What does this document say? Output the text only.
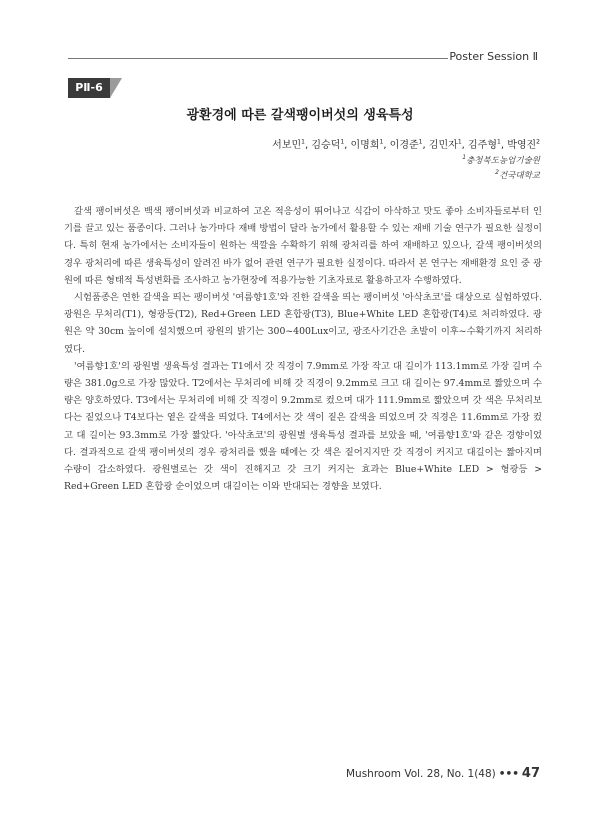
Poster Session Ⅱ
PⅡ-6
광환경에 따른 갈색팽이버섯의 생육특성
서보민$^1$, 김승덕$^1$, 이명희$^1$, 이경준$^1$, 김민자$^1$, 김주형$^1$, 박영진$^2$
$^1$충청북도농업기술원
$^2$건국대학교

갈색 팽이버섯은 백색 팽이버섯과 비교하여 고온 적응성이 뛰어나고 식감이 아삭하고 맛도 좋아 소비자들로부터 인기를 끌고 있는 품종이다. 그러나 농가마다 재배 방법이 달라 농가에서 활용할 수 있는 재배 기술 연구가 필요한 실정이다. 특히 현재 농가에서는 소비자들이 원하는 색깔을 수확하기 위해 광처리를 하여 재배하고 있으나, 갈색 팽이버섯의 경우 광처리에 따른 생육특성이 알려진 바가 없어 관련 연구가 필요한 실정이다. 따라서 본 연구는 재배환경 요인 중 광원에 따른 형태적 특성변화를 조사하고 농가현장에 적용가능한 기초자료로 활용하고자 수행하였다.

시험품종은 연한 갈색을 띄는 팽이버섯 '여름향1호'와 진한 갈색을 띄는 팽이버섯 '아삭초코'를 대상으로 실험하였다. 광원은 무처리(T1), 형광등(T2), Red+Green LED 혼합광(T3), Blue+White LED 혼합광(T4)로 처리하였다. 광원은 약 30cm 높이에 설치했으며 광원의 밝기는 300~400Lux이고, 광조사기간은 초발이 이후~수확기까지 처리하였다.

'여름향1호'의 광원별 생육특성 결과는 T1에서 갓 직경이 7.9mm로 가장 작고 대 길이가 113.1mm로 가장 길며 수량은 381.0g으로 가장 많았다. T2에서는 무처리에 비해 갓 직경이 9.2mm로 크고 대 길이는 97.4mm로 짧았으며 수량은 양호하였다. T3에서는 무처리에 비해 갓 직경이 9.2mm로 컸으며 대가 111.9mm로 짧았으며 갓 색은 무처리보다는 짙었으나 T4보다는 옅은 갈색을 띄었다. T4에서는 갓 색이 짙은 갈색을 띄었으며 갓 직경은 11.6mm로 가장 컸고 대 길이는 93.3mm로 가장 짧았다. '아삭초코'의 광원별 생육특성 결과를 보았을 때, '여름향1호'와 같은 경향이었다. 결과적으로 갈색 팽이버섯의 경우 광처리를 했을 때에는 갓 색은 짙어지지만 갓 직경이 커지고 대길이는 짧아지며 수량이 감소하였다. 광원별로는 갓 색이 진해지고 갓 크기 커지는 효과는 Blue+White LED > 형광등 > Red+Green LED 혼합광 순이었으며 대길이는 이와 반대되는 경향을 보였다.

Mushroom Vol. 28, No. 1(48) ••• 47
